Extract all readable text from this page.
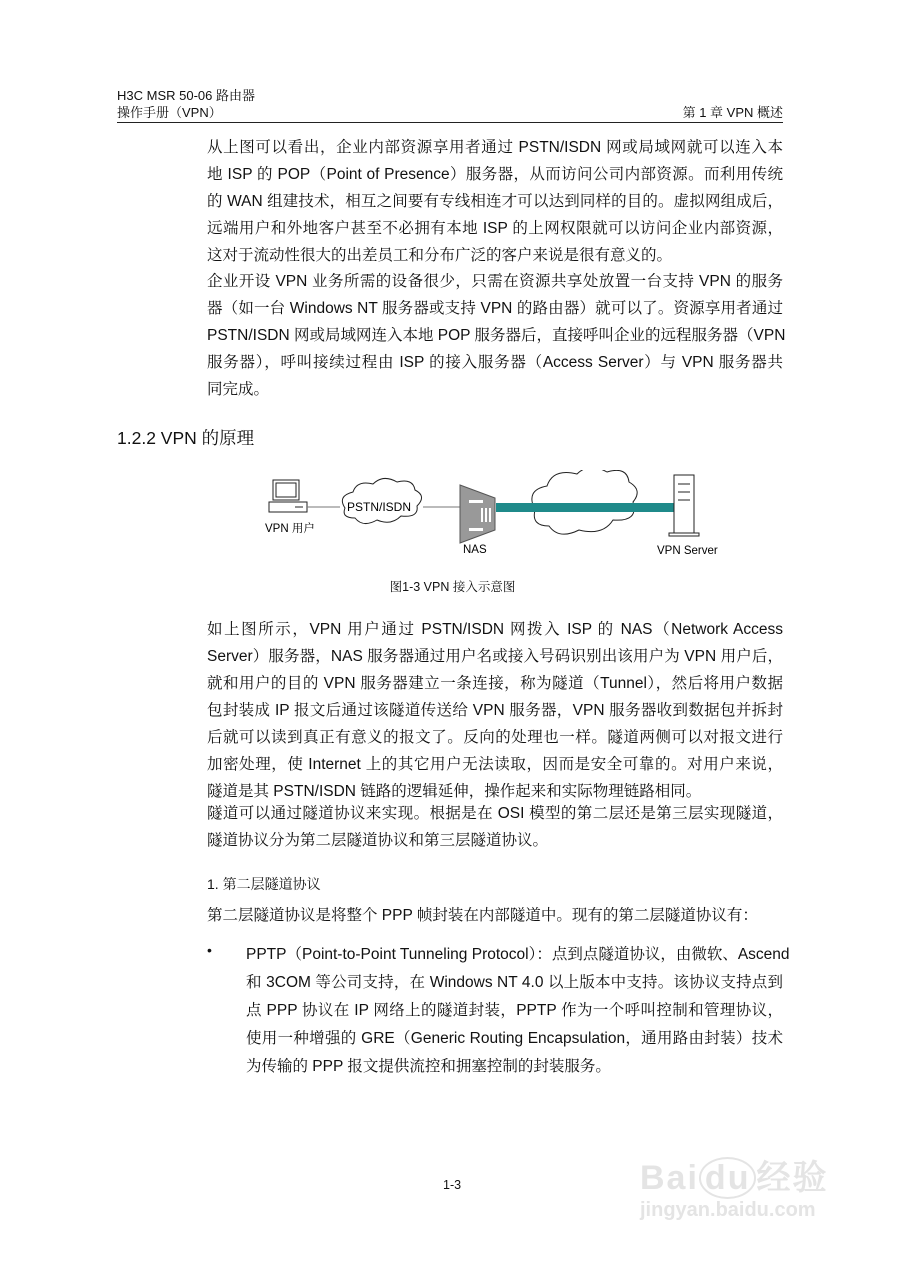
H3C MSR 50-06 路由器
操作手册（VPN）	第 1 章 VPN 概述
从上图可以看出，企业内部资源享用者通过 PSTN/ISDN 网或局域网就可以连入本
地 ISP 的 POP（Point of Presence）服务器，从而访问公司内部资源。而利用传统
的 WAN 组建技术，相互之间要有专线相连才可以达到同样的目的。虚拟网组成后，
远端用户和外地客户甚至不必拥有本地 ISP 的上网权限就可以访问企业内部资源，
这对于流动性很大的出差员工和分布广泛的客户来说是很有意义的。
企业开设 VPN 业务所需的设备很少，只需在资源共享处放置一台支持 VPN 的服务
器（如一台 Windows NT 服务器或支持 VPN 的路由器）就可以了。资源享用者通过
PSTN/ISDN 网或局域网连入本地 POP 服务器后，直接呼叫企业的远程服务器（VPN
服务器），呼叫接续过程由 ISP 的接入服务器（Access Server）与 VPN 服务器共
同完成。
1.2.2 VPN 的原理
PSTN/ISDN
VPN 用户
NAS	VPN Server
图1-3 VPN 接入示意图
如上图所示，VPN 用户通过 PSTN/ISDN 网拨入 ISP 的 NAS（Network Access
Server）服务器，NAS 服务器通过用户名或接入号码识别出该用户为 VPN 用户后，
就和用户的目的 VPN 服务器建立一条连接，称为隧道（Tunnel），然后将用户数据
包封装成 IP 报文后通过该隧道传送给 VPN 服务器，VPN 服务器收到数据包并拆封
后就可以读到真正有意义的报文了。反向的处理也一样。隧道两侧可以对报文进行
加密处理，使 Internet 上的其它用户无法读取，因而是安全可靠的。对用户来说，
隧道是其 PSTN/ISDN 链路的逻辑延伸，操作起来和实际物理链路相同。
隧道可以通过隧道协议来实现。根据是在 OSI 模型的第二层还是第三层实现隧道，
隧道协议分为第二层隧道协议和第三层隧道协议。
1. 第二层隧道协议
第二层隧道协议是将整个 PPP 帧封装在内部隧道中。现有的第二层隧道协议有：
• PPTP（Point-to-Point Tunneling Protocol）：点到点隧道协议，由微软、Ascend
和 3COM 等公司支持，在 Windows NT 4.0 以上版本中支持。该协议支持点到
点 PPP 协议在 IP 网络上的隧道封装，PPTP 作为一个呼叫控制和管理协议，
使用一种增强的 GRE（Generic Routing Encapsulation，通用路由封装）技术
为传输的 PPP 报文提供流控和拥塞控制的封装服务。
1-3	Bai du 经验
jingyan.baidu.com
